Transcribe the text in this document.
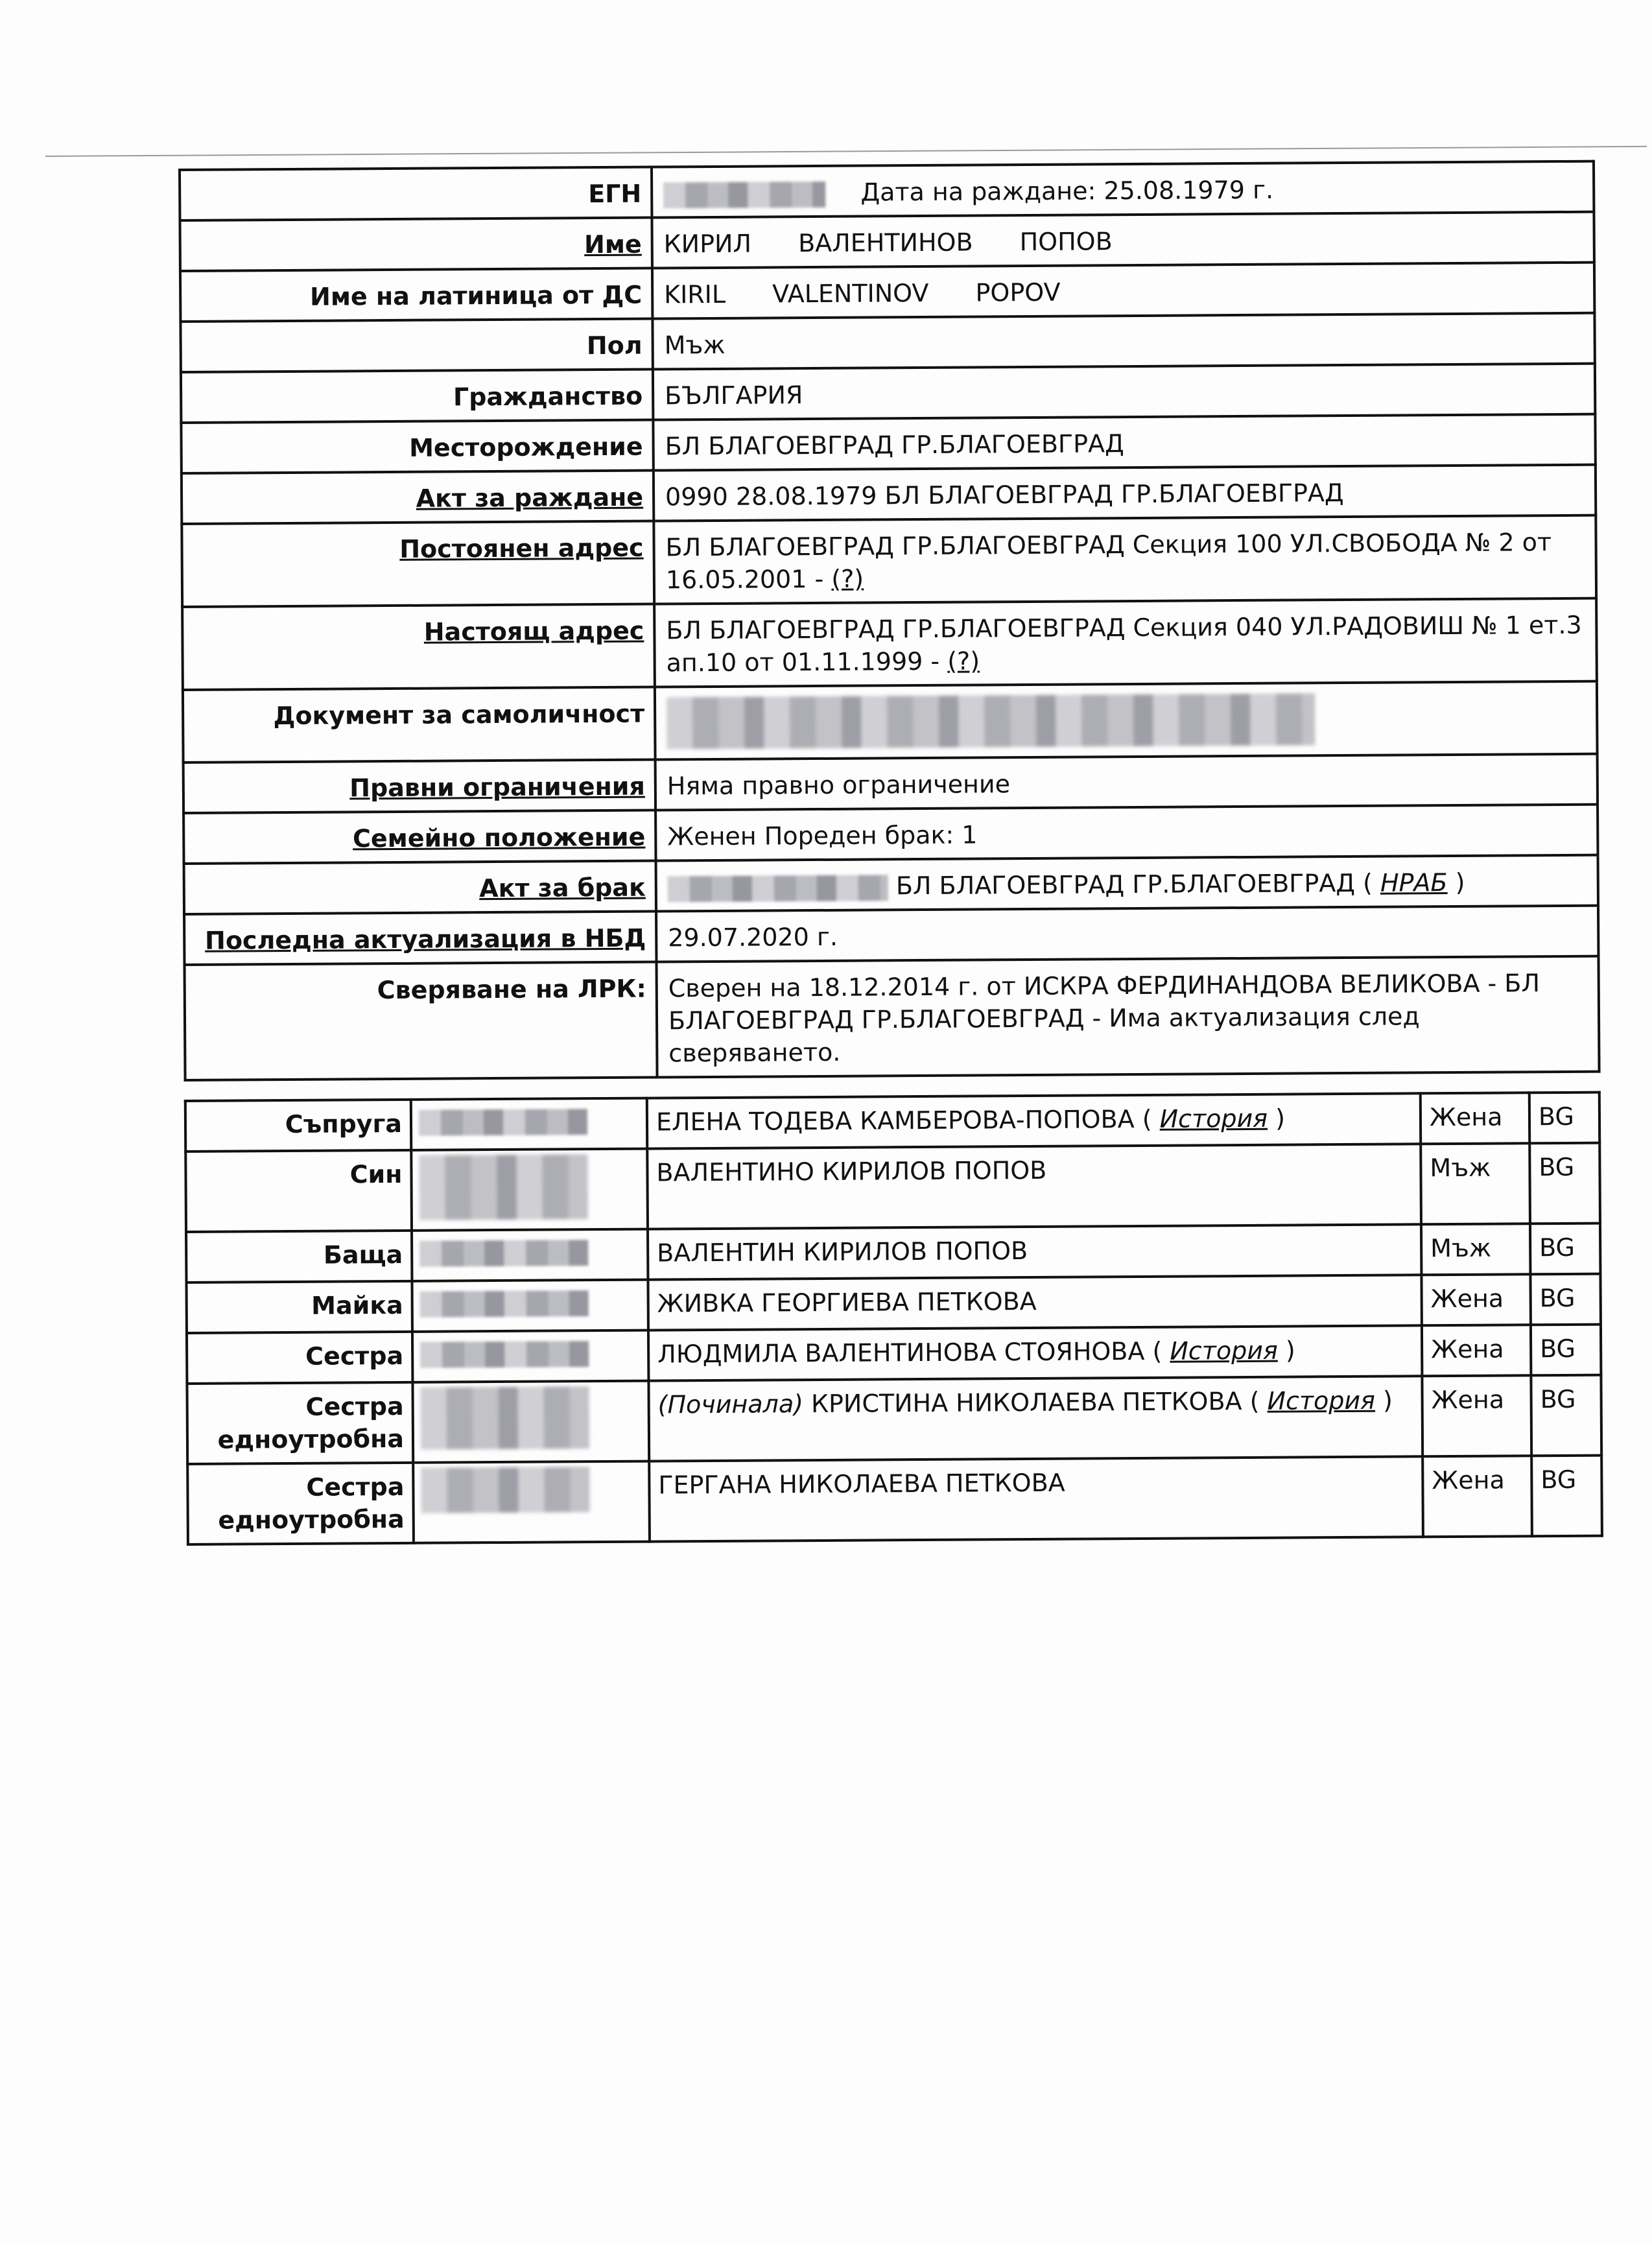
ЕГН	Дата на раждане: 25.08.1979 г.
Име	КИРИЛ ВАЛЕНТИНОВ ПОПОВ
Име на латиница от ДС	KIRIL VALENTINOV POPOV
Пол	Мъж
Гражданство	БЪЛГАРИЯ
Месторождение	БЛ БЛАГОЕВГРАД ГР.БЛАГОЕВГРАД
Акт за раждане	0990 28.08.1979 БЛ БЛАГОЕВГРАД ГР.БЛАГОЕВГРАД
Постоянен адрес	БЛ БЛАГОЕВГРАД ГР.БЛАГОЕВГРАД Секция 100 УЛ.СВОБОДА № 2 от 16.05.2001 - (?)
Настоящ адрес	БЛ БЛАГОЕВГРАД ГР.БЛАГОЕВГРАД Секция 040 УЛ.РАДОВИШ № 1 ет.3 ап.10 от 01.11.1999 - (?)
Документ за самоличност	

Правни ограничения	Няма правно ограничение
Семейно положение	Женен Пореден брак: 1
Акт за брак	БЛ БЛАГОЕВГРАД ГР.БЛАГОЕВГРАД ( НРАБ )
Последна актуализация в НБД	29.07.2020 г.
Сверяване на ЛРК:	Сверен на 18.12.2014 г. от ИСКРА ФЕРДИНАНДОВА ВЕЛИКОВА - БЛ БЛАГОЕВГРАД ГР.БЛАГОЕВГРАД - Има актуализация след сверяването.
Съпруга		ЕЛЕНА ТОДЕВА КАМБЕРОВА-ПОПОВА ( История )	Жена	BG
Син		ВАЛЕНТИНО КИРИЛОВ ПОПОВ	Мъж	BG
Баща		ВАЛЕНТИН КИРИЛОВ ПОПОВ	Мъж	BG
Майка		ЖИВКА ГЕОРГИЕВА ПЕТКОВА	Жена	BG
Сестра		ЛЮДМИЛА ВАЛЕНТИНОВА СТОЯНОВА ( История )	Жена	BG

Сестра
едноутробна		(Починала) КРИСТИНА НИКОЛАЕВА ПЕТКОВА ( История )	Жена	BG

Сестра
едноутробна		ГЕРГАНА НИКОЛАЕВА ПЕТКОВА	Жена	BG
